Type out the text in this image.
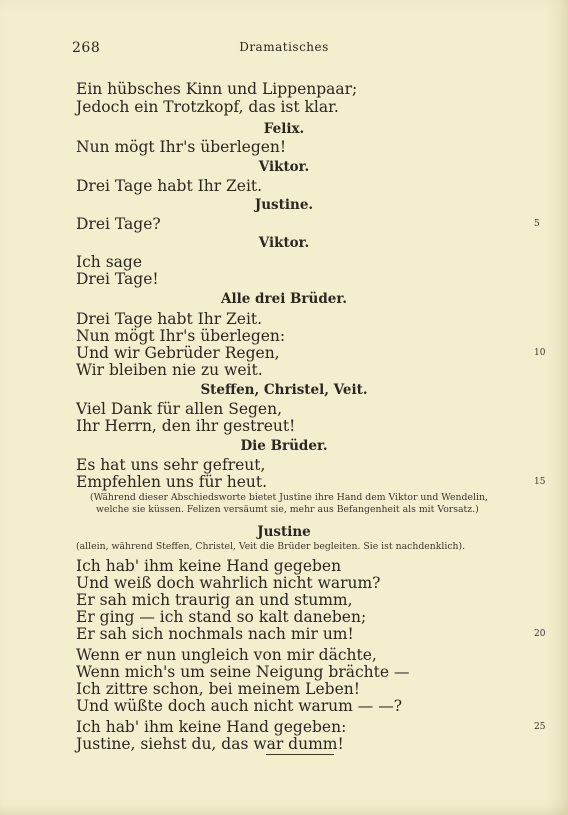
268	Dramatisches
Ein hübsches Kinn und Lippenpaar;
Jedoch ein Trotzkopf, das ist klar.
Felix.
Nun mögt Ihr's überlegen!
Viktor.
Drei Tage habt Ihr Zeit.
Justine.
Drei Tage?	5
Viktor.
Ich sage
Drei Tage!
Alle drei Brüder.
Drei Tage habt Ihr Zeit.
Nun mögt Ihr's überlegen:
Und wir Gebrüder Regen,	10
Wir bleiben nie zu weit.
Steffen, Christel, Veit.
Viel Dank für allen Segen,
Ihr Herrn, den ihr gestreut!
Die Brüder.
Es hat uns sehr gefreut,
Empfehlen uns für heut.	15
(Während dieser Abschiedsworte bietet Justine ihre Hand dem Viktor und Wendelin,
welche sie küssen. Felizen versäumt sie, mehr aus Befangenheit als mit Vorsatz.)
Justine
(allein, während Steffen, Christel, Veit die Brüder begleiten. Sie ist nachdenklich).
Ich hab' ihm keine Hand gegeben
Und weiß doch wahrlich nicht warum?
Er sah mich traurig an und stumm,
Er ging — ich stand so kalt daneben;
Er sah sich nochmals nach mir um!	20
Wenn er nun ungleich von mir dächte,
Wenn mich's um seine Neigung brächte —
Ich zittre schon, bei meinem Leben!
Und wüßte doch auch nicht warum — —?
Ich hab' ihm keine Hand gegeben:	25
Justine, siehst du, das war dumm!
